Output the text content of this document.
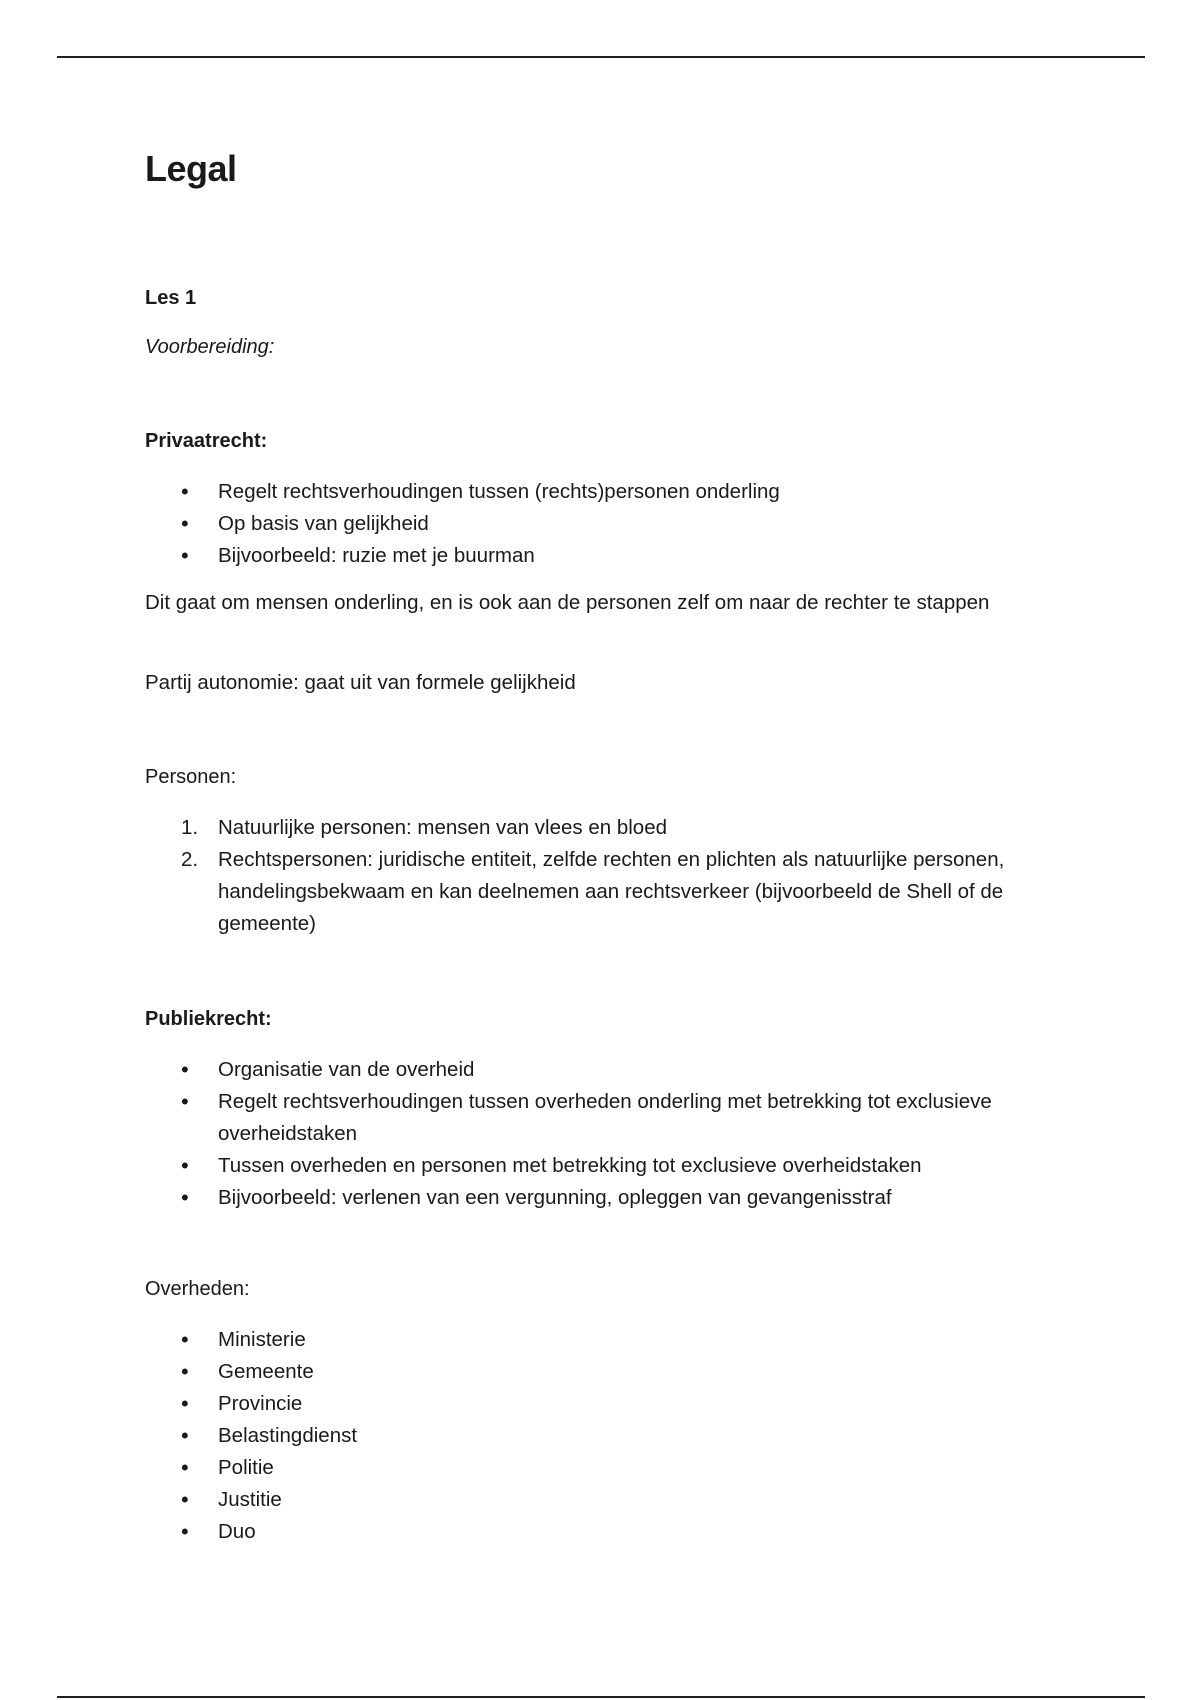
Legal
Les 1
Voorbereiding:
Privaatrecht:
•
Regelt rechtsverhoudingen tussen (rechts)personen onderling
•
Op basis van gelijkheid
•
Bijvoorbeeld: ruzie met je buurman
Dit gaat om mensen onderling, en is ook aan de personen zelf om naar de rechter te stappen
Partij autonomie: gaat uit van formele gelijkheid
Personen:
1. Natuurlijke personen: mensen van vlees en bloed
2. Rechtspersonen: juridische entiteit, zelfde rechten en plichten als natuurlijke personen, handelingsbekwaam en kan deelnemen aan rechtsverkeer (bijvoorbeeld de Shell of de gemeente)
Publiekrecht:
•
Organisatie van de overheid
•
Regelt rechtsverhoudingen tussen overheden onderling met betrekking tot exclusieve overheidstaken
•
Tussen overheden en personen met betrekking tot exclusieve overheidstaken
•
Bijvoorbeeld: verlenen van een vergunning, opleggen van gevangenisstraf
Overheden:
•
Ministerie
•
Gemeente
•
Provincie
•
Belastingdienst
•
Politie
•
Justitie
•
Duo
